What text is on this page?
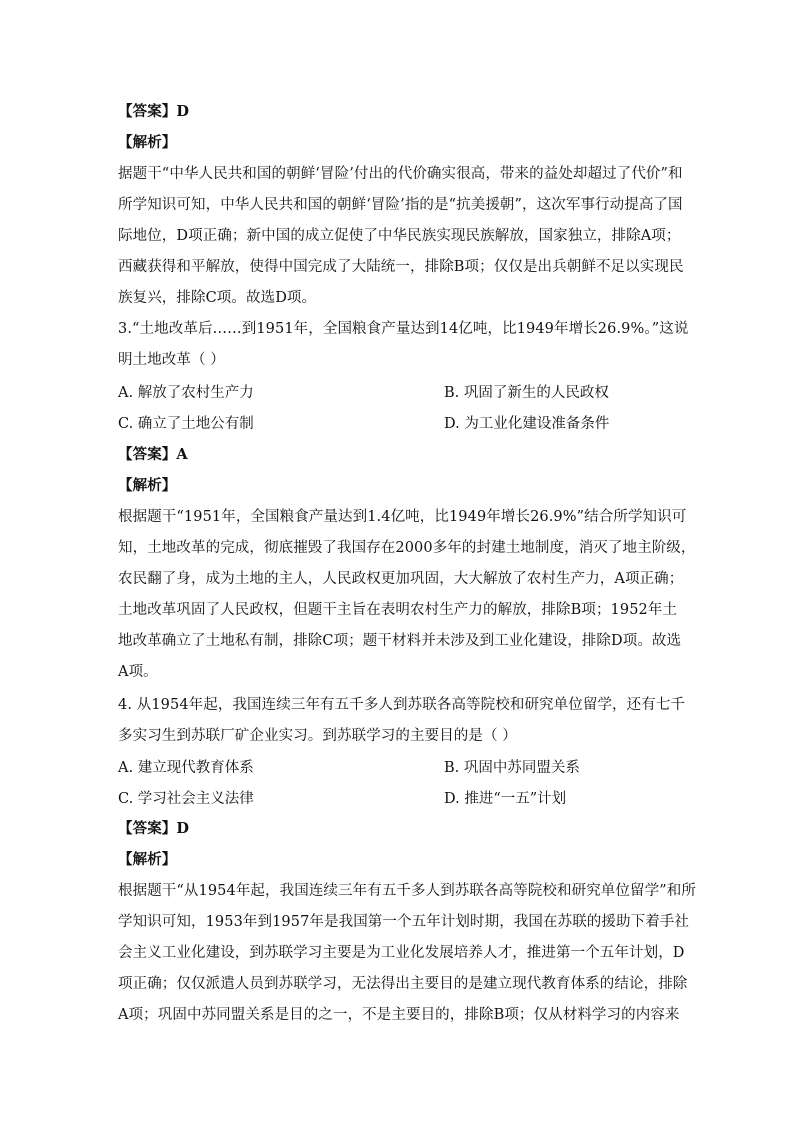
【答案】D
【解析】
据题干“中华人民共和国的朝鲜‘冒险’付出的代价确实很高，带来的益处却超过了代价”和
所学知识可知，中华人民共和国的朝鲜‘冒险’指的是“抗美援朝”，这次军事行动提高了国
际地位，D项正确；新中国的成立促使了中华民族实现民族解放，国家独立，排除A项；
西藏获得和平解放，使得中国完成了大陆统一，排除B项；仅仅是出兵朝鲜不足以实现民
族复兴，排除C项。故选D项。
3.“土地改革后……到1951年，全国粮食产量达到14亿吨，比1949年增长26.9%。”这说
明土地改革（ ）
A. 解放了农村生产力	B. 巩固了新生的人民政权
C. 确立了土地公有制	D. 为工业化建设准备条件
【答案】A
【解析】
根据题干“1951年，全国粮食产量达到1.4亿吨，比1949年增长26.9%”结合所学知识可
知，土地改革的完成，彻底摧毁了我国存在2000多年的封建土地制度，消灭了地主阶级，
农民翻了身，成为土地的主人，人民政权更加巩固，大大解放了农村生产力，A项正确；
土地改革巩固了人民政权，但题干主旨在表明农村生产力的解放，排除B项；1952年土
地改革确立了土地私有制，排除C项；题干材料并未涉及到工业化建设，排除D项。故选
A项。
4. 从1954年起，我国连续三年有五千多人到苏联各高等院校和研究单位留学，还有七千
多实习生到苏联厂矿企业实习。到苏联学习的主要目的是（ ）
A. 建立现代教育体系	B. 巩固中苏同盟关系
C. 学习社会主义法律	D. 推进“一五”计划
【答案】D
【解析】
根据题干“从1954年起，我国连续三年有五千多人到苏联各高等院校和研究单位留学”和所
学知识可知，1953年到1957年是我国第一个五年计划时期，我国在苏联的援助下着手社
会主义工业化建设，到苏联学习主要是为工业化发展培养人才，推进第一个五年计划，D
项正确；仅仅派遣人员到苏联学习，无法得出主要目的是建立现代教育体系的结论，排除
A项；巩固中苏同盟关系是目的之一，不是主要目的，排除B项；仅从材料学习的内容来
